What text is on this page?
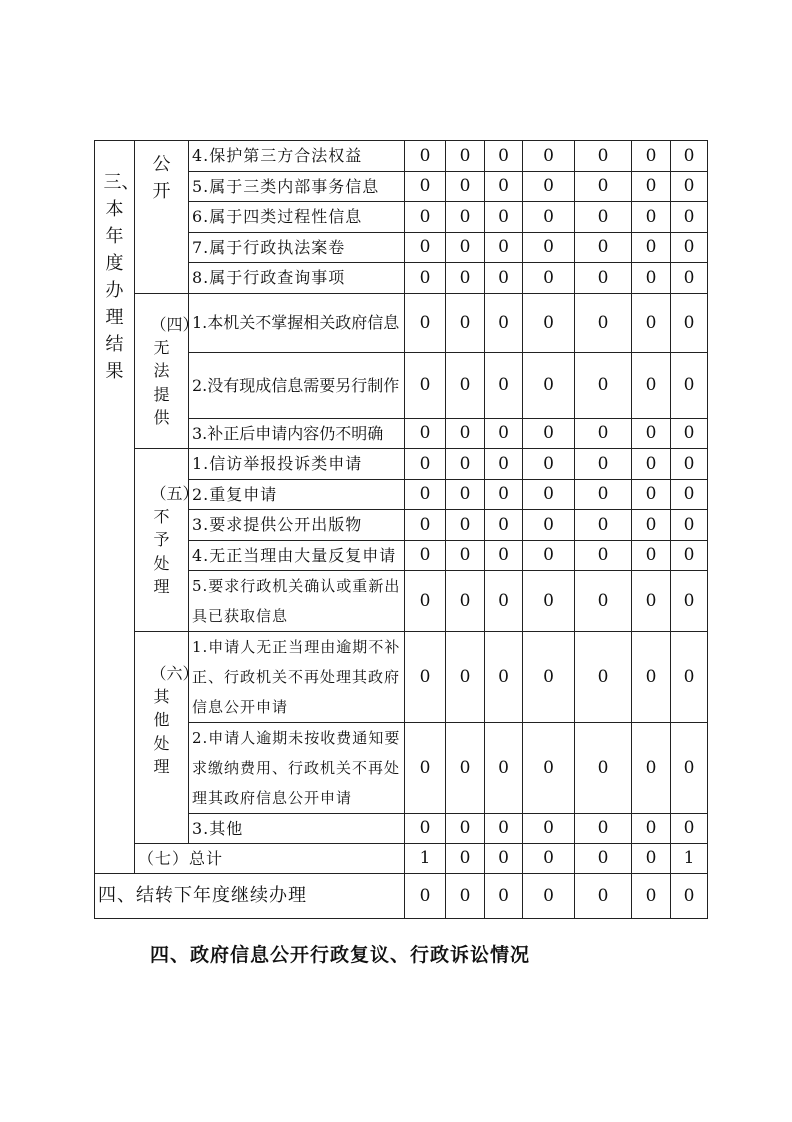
三、本年度办理结果	公开	4.保护第三方合法权益	0	0	0	0	0	0	0
		5.属于三类内部事务信息	0	0	0	0	0	0	0
		6.属于四类过程性信息	0	0	0	0	0	0	0
		7.属于行政执法案卷	0	0	0	0	0	0	0
		8.属于行政查询事项	0	0	0	0	0	0	0

	（四）无法提供	1.本机关不掌握相关政府信息	0	0	0	0	0	0	0
		2.没有现成信息需要另行制作	0	0	0	0	0	0	0
		3.补正后申请内容仍不明确	0	0	0	0	0	0	0

	（五）不予处理	1.信访举报投诉类申请	0	0	0	0	0	0	0
		2.重复申请	0	0	0	0	0	0	0
		3.要求提供公开出版物	0	0	0	0	0	0	0
		4.无正当理由大量反复申请	0	0	0	0	0	0	0
		5.要求行政机关确认或重新出具已获取信息	0	0	0	0	0	0	0

	（六）其他处理	1.申请人无正当理由逾期不补正、行政机关不再处理其政府信息公开申请	0	0	0	0	0	0	0
		2.申请人逾期未按收费通知要求缴纳费用、行政机关不再处理其政府信息公开申请	0	0	0	0	0	0	0
		3.其他	0	0	0	0	0	0	0
	（七）总计		1	0	0	0	0	0	1
四、结转下年度继续办理			0	0	0	0	0	0	0
四、政府信息公开行政复议、行政诉讼情况
